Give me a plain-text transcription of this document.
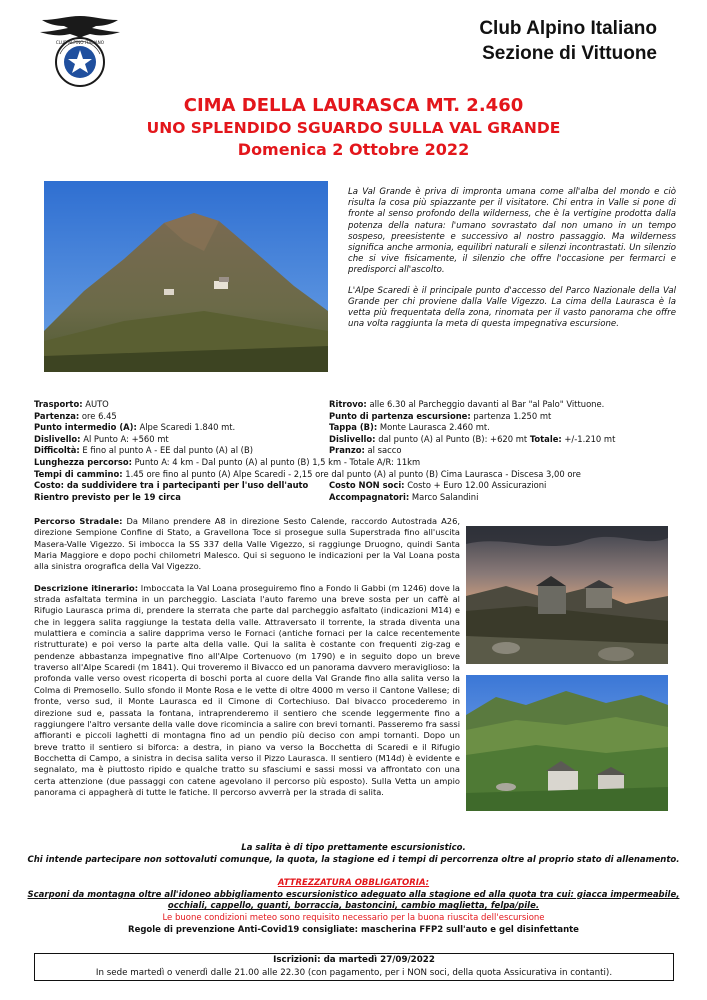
CLUB ALPINO ITALIANO
Club Alpino Italiano
Sezione di Vittuone
CIMA DELLA LAURASCA MT. 2.460
UNO SPLENDIDO SGUARDO SULLA VAL GRANDE
Domenica 2 Ottobre 2022

La Val Grande è priva di impronta umana come all'alba del mondo e ciò risulta la cosa più spiazzante per il visitatore. Chi entra in Valle si pone di fronte al senso profondo della wilderness, che è la vertigine prodotta dalla potenza della natura: l'umano sovrastato dal non umano in un tempo sospeso, preesistente e successivo al nostro passaggio. Ma wilderness significa anche armonia, equilibri naturali e silenzi incontrastati. Un silenzio che si vive fisicamente, il silenzio che offre l'occasione per fermarci e predisporci all'ascolto.

L'Alpe Scaredi è il principale punto d'accesso del Parco Nazionale della Val Grande per chi proviene dalla Valle Vigezzo. La cima della Laurasca è la vetta più frequentata della zona, rinomata per il vasto panorama che offre una volta raggiunta la meta di questa impegnativa escursione.

Trasporto: AUTO	Ritrovo: alle 6.30 al Parcheggio davanti al Bar "al Palo" Vittuone.
Partenza: ore 6.45	Punto di partenza escursione: partenza 1.250 mt
Punto intermedio (A): Alpe Scaredi 1.840 mt.	Tappa (B): Monte Laurasca 2.460 mt.
Dislivello: Al Punto A: +560 mt	Dislivello: dal punto (A) al Punto (B): +620 mt Totale: +/-1.210 mt
Difficoltà: E fino al punto A - EE dal punto (A) al (B)	Pranzo: al sacco
Lunghezza percorso: Punto A: 4 km - Dal punto (A) al punto (B) 1,5 km - Totale A/R: 11km
Tempi di cammino: 1.45 ore fino al punto (A) Alpe Scaredi - 2,15 ore dal punto (A) al punto (B) Cima Laurasca - Discesa 3,00 ore
Costo: da suddividere tra i partecipanti per l'uso dell'auto Costo NON soci: Costo + Euro 12.00 Assicurazioni
Rientro previsto per le 19 circa	Accompagnatori: Marco Salandini

Percorso Stradale: Da Milano prendere A8 in direzione Sesto Calende, raccordo Autostrada A26, direzione Sempione Confine di Stato, a Gravellona Toce si prosegue sulla Superstrada fino all'uscita Masera-Valle Vigezzo. Si imbocca la SS 337 della Valle Vigezzo, si raggiunge Druogno, quindi Santa Maria Maggiore e dopo pochi chilometri Malesco. Qui si seguono le indicazioni per la Val Loana posta alla sinistra orografica della Val Vigezzo.

Descrizione itinerario: Imboccata la Val Loana proseguiremo fino a Fondo li Gabbi (m 1246) dove la strada asfaltata termina in un parcheggio. Lasciata l'auto faremo una breve sosta per un caffè al Rifugio Laurasca prima di, prendere la sterrata che parte dal parcheggio asfaltato (indicazioni M14) e che in leggera salita raggiunge la testata della valle. Attraversato il torrente, la strada diventa una mulattiera e comincia a salire dapprima verso le Fornaci (antiche fornaci per la calce recentemente ristrutturate) e poi verso la parte alta della valle. Qui la salita è costante con frequenti zig-zag e pendenze abbastanza impegnative fino all'Alpe Cortenuovo (m 1790) e in seguito dopo un breve traverso all'Alpe Scaredi (m 1841). Qui troveremo il Bivacco ed un panorama davvero meraviglioso: la profonda valle verso ovest ricoperta di boschi porta al cuore della Val Grande fino alla salita verso la Colma di Premosello. Sullo sfondo il Monte Rosa e le vette di oltre 4000 m verso il Cantone Vallese; di fronte, verso sud, il Monte Laurasca ed il Cimone di Cortechiuso. Dal bivacco procederemo in direzione sud e, passata la fontana, intraprenderemo il sentiero che scende leggermente fino a raggiungere l'altro versante della valle dove ricomincia a salire con brevi tornanti. Passeremo fra sassi affioranti e piccoli laghetti di montagna fino ad un pendio più deciso con ampi tornanti. Dopo un breve tratto il sentiero si biforca: a destra, in piano va verso la Bocchetta di Scaredi e il Rifugio Bocchetta di Campo, a sinistra in decisa salita verso il Pizzo Laurasca. Il sentiero (M14d) è evidente e segnalato, ma è piuttosto ripido e qualche tratto su sfasciumi e sassi mossi va affrontato con una certa attenzione (due passaggi con catene agevolano il percorso più esposto). Sulla Vetta un ampio panorama ci appagherà di tutte le fatiche. Il percorso avverrà per la strada di salita.

La salita è di tipo prettamente escursionistico.
Chi intende partecipare non sottovaluti comunque, la quota, la stagione ed i tempi di percorrenza oltre al proprio stato di allenamento.
ATTREZZATURA OBBLIGATORIA:
Scarponi da montagna oltre all'idoneo abbigliamento escursionistico adeguato alla stagione ed alla quota tra cui: giacca impermeabile,
occhiali, cappello, guanti, borraccia, bastoncini, cambio maglietta, felpa/pile.
Le buone condizioni meteo sono requisito necessario per la buona riuscita dell'escursione
Regole di prevenzione Anti-Covid19 consigliate: mascherina FFP2 sull'auto e gel disinfettante
Iscrizioni: da martedì 27/09/2022
In sede martedì o venerdì dalle 21.00 alle 22.30 (con pagamento, per i NON soci, della quota Assicurativa in contanti).
